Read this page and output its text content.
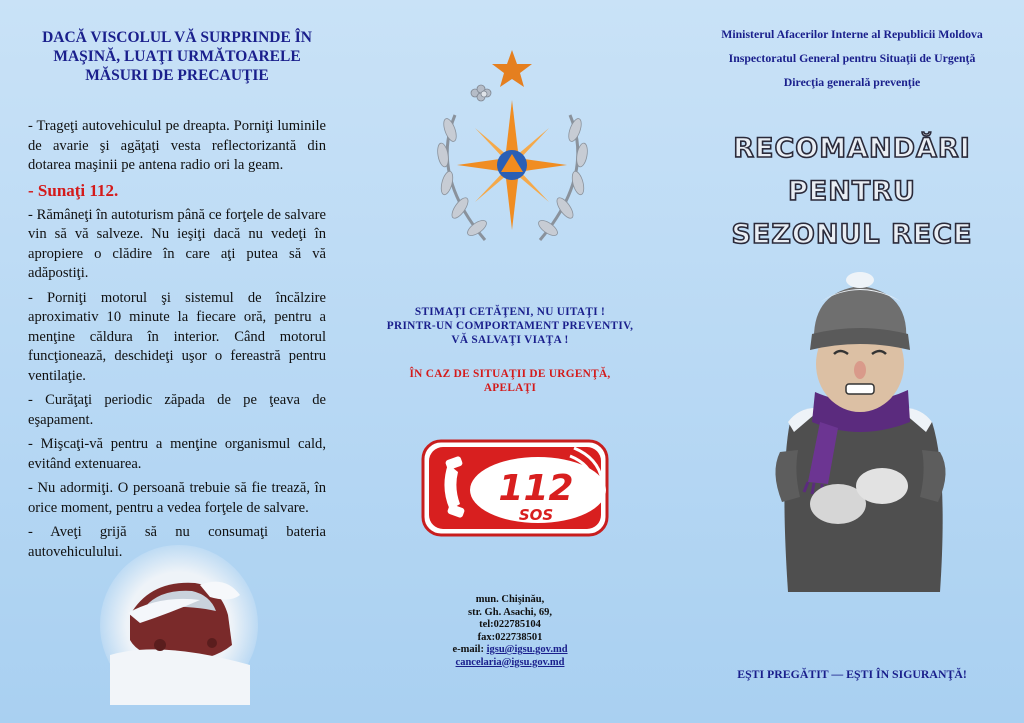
DACĂ VISCOLUL VĂ SURPRINDE ÎN MAŞINĂ, LUAŢI URMĂTOARELE MĂSURI DE PRECAUŢIE

- Trageţi autovehiculul pe dreapta. Porniţi luminile de avarie şi agăţaţi vesta reflectorizantă din dotarea maşinii pe antena radio ori la geam.

- Sunaţi 112.

- Rămâneţi în autoturism până ce forţele de salvare vin să vă salveze. Nu ieşiţi dacă nu vedeţi în apropiere o clădire în care aţi putea să vă adăpostiţi.

- Porniţi motorul şi sistemul de încălzire aproximativ 10 minute la fiecare oră, pentru a menţine căldura în interior. Când motorul funcţionează, deschideţi uşor o fereastră pentru ventilaţie.

- Curăţaţi periodic zăpada de pe ţeava de eşapament.

- Mişcaţi-vă pentru a menţine organismul cald, evitând extenuarea.

- Nu adormiţi. O persoană trebuie să fie trează, în orice moment, pentru a vedea forţele de salvare.

- Aveţi grijă să nu consumaţi bateria autovehiculului.

STIMAŢI CETĂŢENI, NU UITAŢI !
PRINTR-UN COMPORTAMENT PREVENTIV,
VĂ SALVAŢI VIAŢA !
ÎN CAZ DE SITUAŢII DE URGENŢĂ,
APELAŢI
112
SOS
mun. Chişinău,
str. Gh. Asachi, 69,
tel:022785104
fax:022738501
e-mail: igsu@igsu.gov.md
cancelaria@igsu.gov.md
Ministerul Afacerilor Interne al Republicii Moldova
Inspectoratul General pentru Situaţii de Urgenţă
Direcţia generală prevenţie
RECOMANDĂRI
PENTRU
SEZONUL RECE
EŞTI PREGĂTIT — EŞTI ÎN SIGURANŢĂ!
